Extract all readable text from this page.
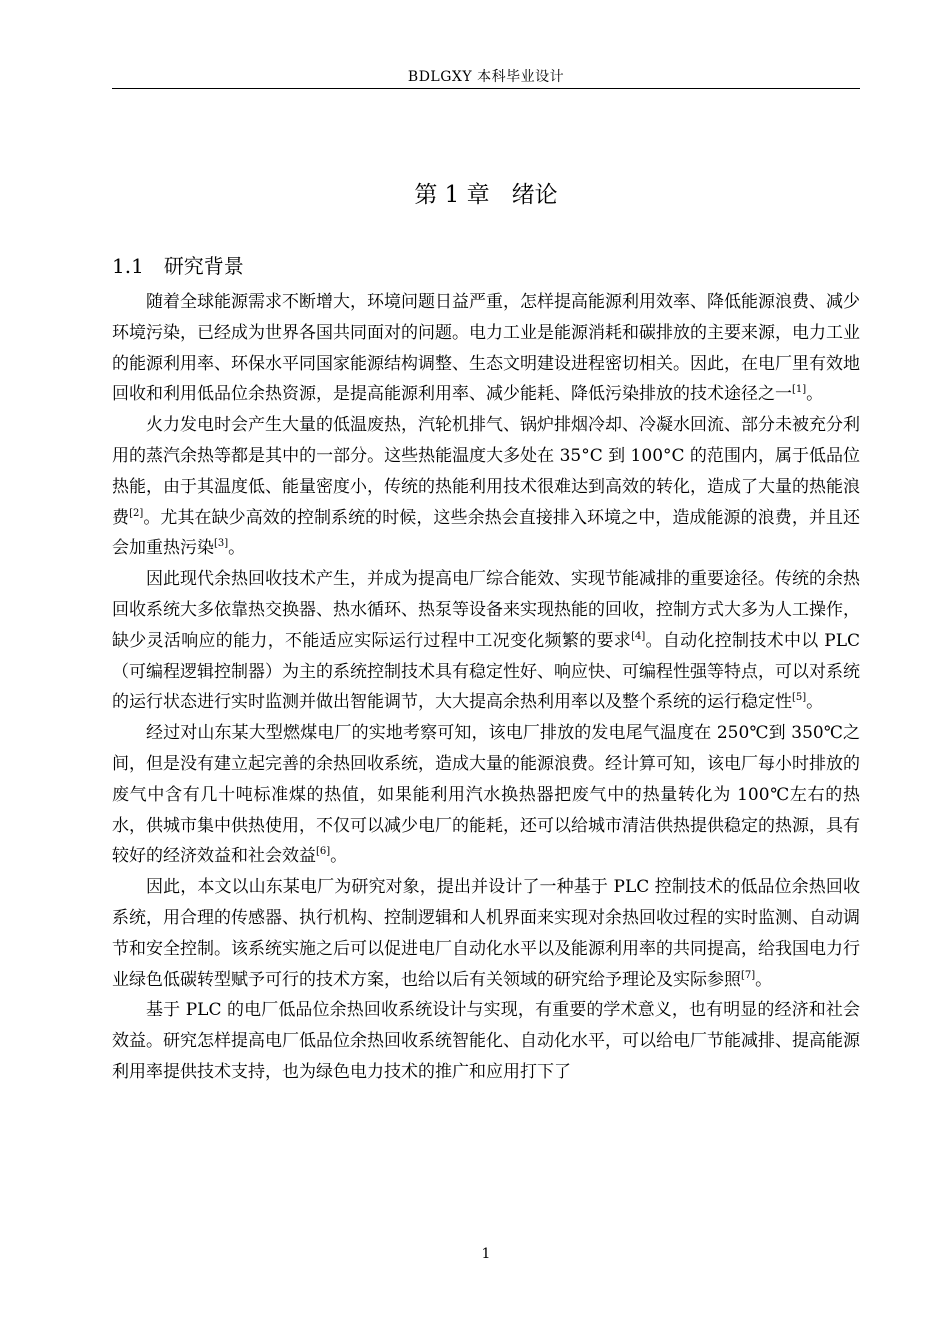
BDLGXY 本科毕业设计
第 1 章 绪论
1.1 研究背景

随着全球能源需求不断增大，环境问题日益严重，怎样提高能源利用效率、降低能源浪费、减少环境污染，已经成为世界各国共同面对的问题。电力工业是能源消耗和碳排放的主要来源，电力工业的能源利用率、环保水平同国家能源结构调整、生态文明建设进程密切相关。因此，在电厂里有效地回收和利用低品位余热资源，是提高能源利用率、减少能耗、降低污染排放的技术途径之一[1]。

火力发电时会产生大量的低温废热，汽轮机排气、锅炉排烟冷却、冷凝水回流、部分未被充分利用的蒸汽余热等都是其中的一部分。这些热能温度大多处在 35°C 到 100°C 的范围内，属于低品位热能，由于其温度低、能量密度小，传统的热能利用技术很难达到高效的转化，造成了大量的热能浪费[2]。尤其在缺少高效的控制系统的时候，这些余热会直接排入环境之中，造成能源的浪费，并且还会加重热污染[3]。

因此现代余热回收技术产生，并成为提高电厂综合能效、实现节能减排的重要途径。传统的余热回收系统大多依靠热交换器、热水循环、热泵等设备来实现热能的回收，控制方式大多为人工操作，缺少灵活响应的能力，不能适应实际运行过程中工况变化频繁的要求[4]。自动化控制技术中以 PLC（可编程逻辑控制器）为主的系统控制技术具有稳定性好、响应快、可编程性强等特点，可以对系统的运行状态进行实时监测并做出智能调节，大大提高余热利用率以及整个系统的运行稳定性[5]。

经过对山东某大型燃煤电厂的实地考察可知，该电厂排放的发电尾气温度在 250℃到 350℃之间，但是没有建立起完善的余热回收系统，造成大量的能源浪费。经计算可知，该电厂每小时排放的废气中含有几十吨标准煤的热值，如果能利用汽水换热器把废气中的热量转化为 100℃左右的热水，供城市集中供热使用，不仅可以减少电厂的能耗，还可以给城市清洁供热提供稳定的热源，具有较好的经济效益和社会效益[6]。

因此，本文以山东某电厂为研究对象，提出并设计了一种基于 PLC 控制技术的低品位余热回收系统，用合理的传感器、执行机构、控制逻辑和人机界面来实现对余热回收过程的实时监测、自动调节和安全控制。该系统实施之后可以促进电厂自动化水平以及能源利用率的共同提高，给我国电力行业绿色低碳转型赋予可行的技术方案，也给以后有关领域的研究给予理论及实际参照[7]。

基于 PLC 的电厂低品位余热回收系统设计与实现，有重要的学术意义，也有明显的经济和社会效益。研究怎样提高电厂低品位余热回收系统智能化、自动化水平，可以给电厂节能减排、提高能源利用率提供技术支持，也为绿色电力技术的推广和应用打下了

1
